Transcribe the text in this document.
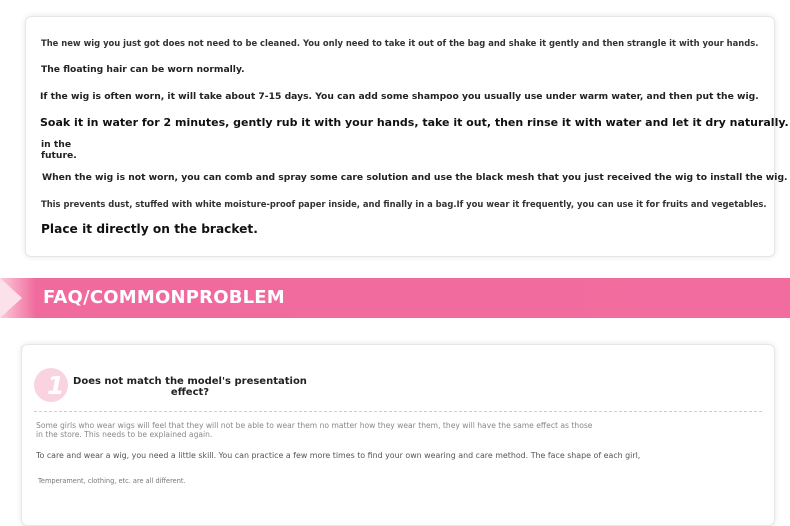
The new wig you just got does not need to be cleaned. You only need to take it out of the bag and shake it gently and then strangle it with your hands.
The floating hair can be worn normally.
If the wig is often worn, it will take about 7-15 days. You can add some shampoo you usually use under warm water, and then put the wig.
Soak it in water for 2 minutes, gently rub it with your hands, take it out, then rinse it with water and let it dry naturally.
in the
future.
When the wig is not worn, you can comb and spray some care solution and use the black mesh that you just received the wig to install the wig.
This prevents dust, stuffed with white moisture-proof paper inside, and finally in a bag.If you wear it frequently, you can use it for fruits and vegetables.
Place it directly on the bracket.
FAQ/COMMONPROBLEM
1 Does not match the model's presentation
effect?
Some girls who wear wigs will feel that they will not be able to wear them no matter how they wear them, they will have the same effect as those
in the store. This needs to be explained again.
To care and wear a wig, you need a little skill. You can practice a few more times to find your own wearing and care method. The face shape of each girl,
Temperament, clothing, etc. are all different.
